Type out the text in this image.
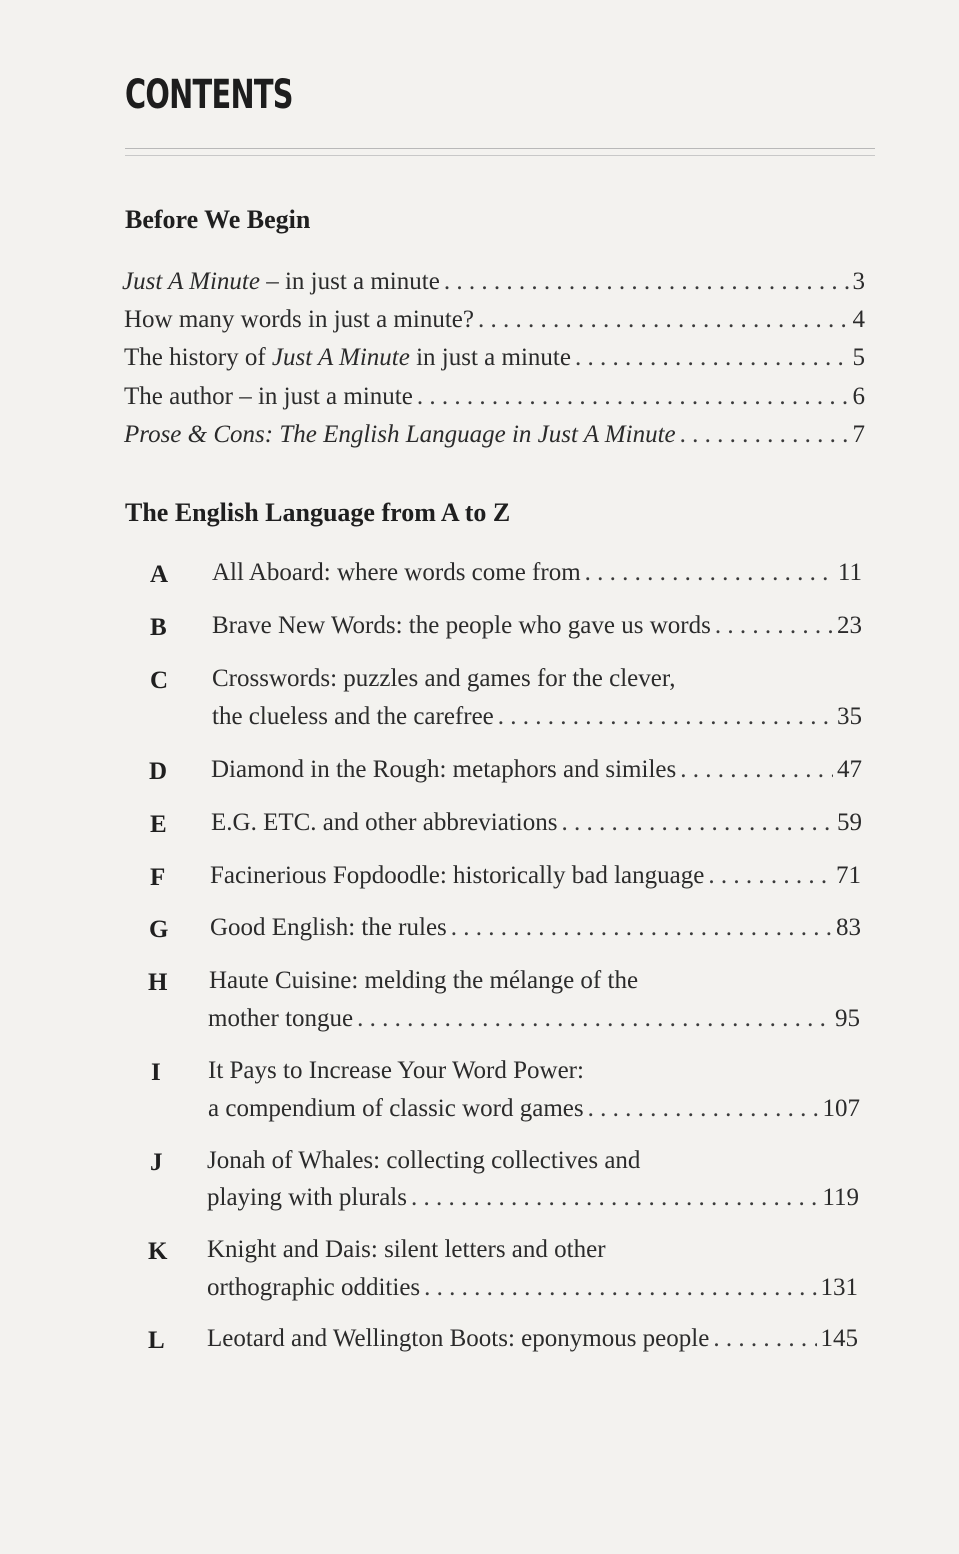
CONTENTS
Before We Begin
Just A Minute – in just a minute . . .	3
How many words in just a minute? . . .	4
The history of Just A Minute in just a minute . . .	5
The author – in just a minute . . .	6
Prose & Cons: The English Language in Just A Minute . . .	7
The English Language from A to Z
A All Aboard: where words come from . . .	11
B Brave New Words: the people who gave us words . . .	23
C Crosswords: puzzles and games for the clever,
the clueless and the carefree . . .	35
D Diamond in the Rough: metaphors and similes . . .	47
E E.G. ETC. and other abbreviations . . .	59
F Facinerious Fopdoodle: historically bad language . . .	71
G Good English: the rules . . .	83
H Haute Cuisine: melding the mélange of the
mother tongue . . .	95
I It Pays to Increase Your Word Power:
a compendium of classic word games . . .	107
J Jonah of Whales: collecting collectives and
playing with plurals . . .	119
K Knight and Dais: silent letters and other
orthographic oddities . . .	131
L Leotard and Wellington Boots: eponymous people . . .	145
